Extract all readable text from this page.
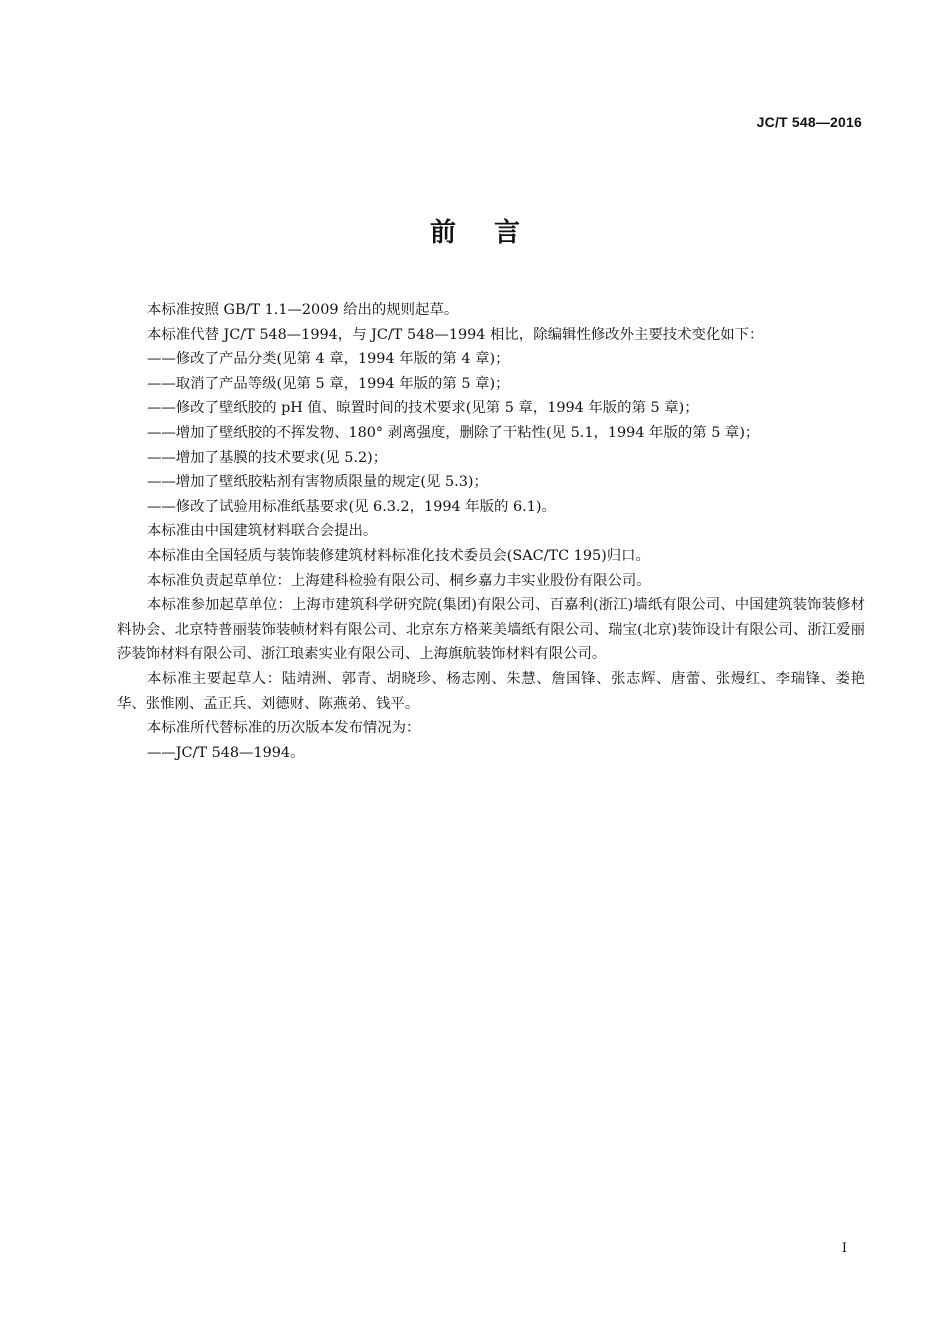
JC/T 548—2016
前言

本标准按照 GB/T 1.1—2009 给出的规则起草。

本标准代替 JC/T 548—1994，与 JC/T 548—1994 相比，除编辑性修改外主要技术变化如下：

——修改了产品分类(见第 4 章，1994 年版的第 4 章)；

——取消了产品等级(见第 5 章，1994 年版的第 5 章)；

——修改了壁纸胶的 pH 值、晾置时间的技术要求(见第 5 章，1994 年版的第 5 章)；

——增加了壁纸胶的不挥发物、180° 剥离强度，删除了干粘性(见 5.1，1994 年版的第 5 章)；

——增加了基膜的技术要求(见 5.2)；

——增加了壁纸胶粘剂有害物质限量的规定(见 5.3)；

——修改了试验用标准纸基要求(见 6.3.2，1994 年版的 6.1)。

本标准由中国建筑材料联合会提出。

本标准由全国轻质与装饰装修建筑材料标准化技术委员会(SAC/TC 195)归口。

本标准负责起草单位：上海建科检验有限公司、桐乡嘉力丰实业股份有限公司。

本标准参加起草单位：上海市建筑科学研究院(集团)有限公司、百嘉利(浙江)墙纸有限公司、中国建筑装饰装修材料协会、北京特普丽装饰装帧材料有限公司、北京东方格莱美墙纸有限公司、瑞宝(北京)装饰设计有限公司、浙江爱丽莎装饰材料有限公司、浙江琅素实业有限公司、上海旗航装饰材料有限公司。

本标准主要起草人：陆靖洲、郭青、胡晓珍、杨志刚、朱慧、詹国锋、张志辉、唐蕾、张熳红、李瑞锋、娄艳华、张惟刚、孟正兵、刘德财、陈燕弟、钱平。

本标准所代替标准的历次版本发布情况为：

——JC/T 548—1994。

I
